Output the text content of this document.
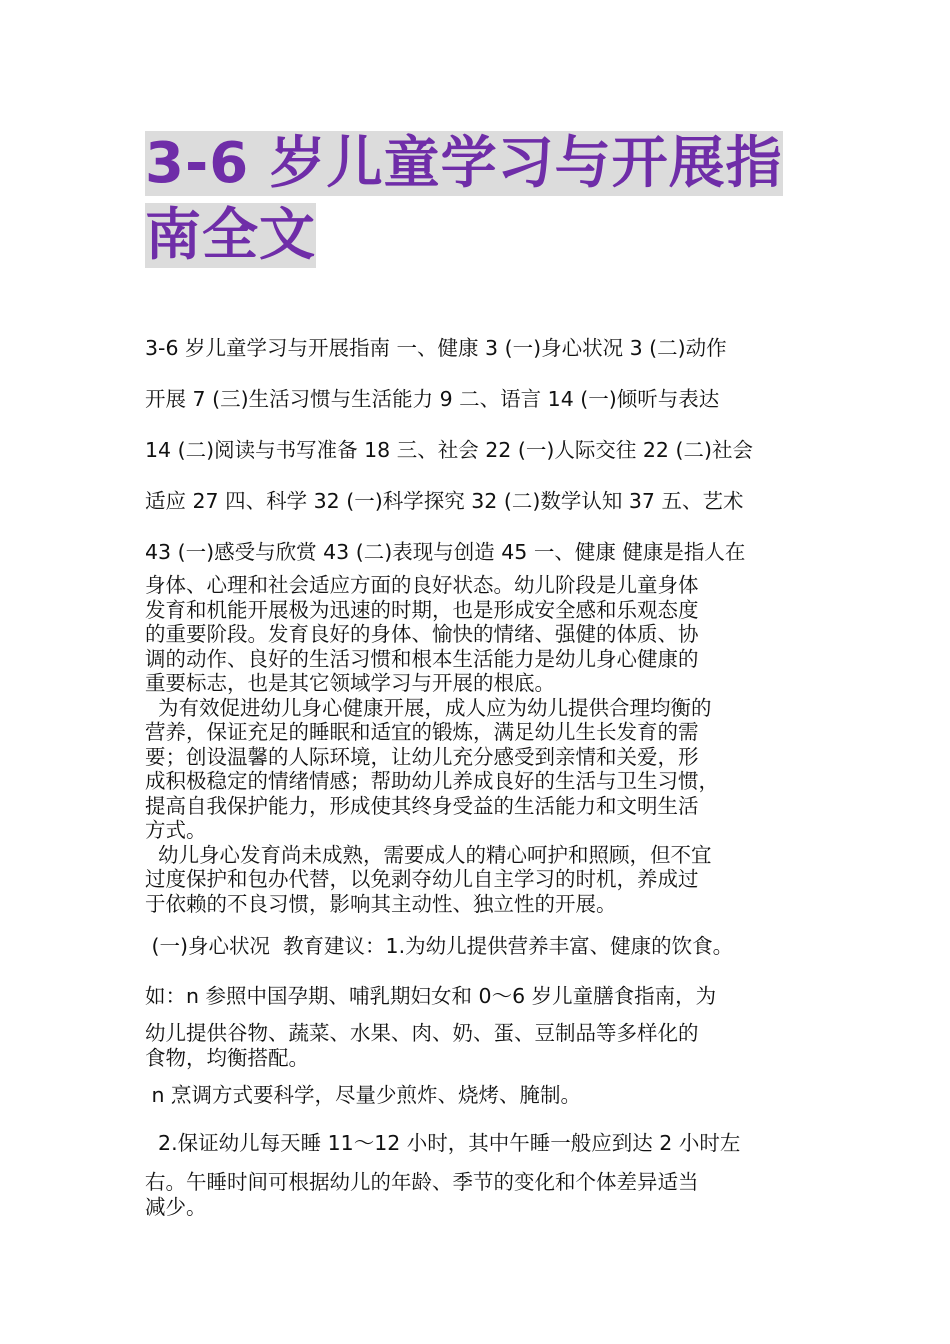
3-6 岁儿童学习与开展指
南全文

3-6 岁儿童学习与开展指南 一、健康 3 (一)身心状况 3 (二)动作

开展 7 (三)生活习惯与生活能力 9 二、语言 14 (一)倾听与表达

14 (二)阅读与书写准备 18 三、社会 22 (一)人际交往 22 (二)社会

适应 27 四、科学 32 (一)科学探究 32 (二)数学认知 37 五、艺术

43 (一)感受与欣赏 43 (二)表现与创造 45 一、健康 健康是指人在

身体、心理和社会适应方面的良好状态。幼儿阶段是儿童身体
发育和机能开展极为迅速的时期，也是形成安全感和乐观态度
的重要阶段。发育良好的身体、愉快的情绪、强健的体质、协
调的动作、良好的生活习惯和根本生活能力是幼儿身心健康的
重要标志，也是其它领域学习与开展的根底。

为有效促进幼儿身心健康开展，成人应为幼儿提供合理均衡的
营养，保证充足的睡眠和适宜的锻炼，满足幼儿生长发育的需
要；创设温馨的人际环境，让幼儿充分感受到亲情和关爱，形
成积极稳定的情绪情感；帮助幼儿养成良好的生活与卫生习惯，
提高自我保护能力，形成使其终身受益的生活能力和文明生活
方式。

幼儿身心发育尚未成熟，需要成人的精心呵护和照顾，但不宜
过度保护和包办代替，以免剥夺幼儿自主学习的时机，养成过
于依赖的不良习惯，影响其主动性、独立性的开展。

(一)身心状况  教育建议：1.为幼儿提供营养丰富、健康的饮食。

如：n 参照中国孕期、哺乳期妇女和 0～6 岁儿童膳食指南，为

幼儿提供谷物、蔬菜、水果、肉、奶、蛋、豆制品等多样化的
食物，均衡搭配。

n 烹调方式要科学，尽量少煎炸、烧烤、腌制。

2.保证幼儿每天睡 11～12 小时，其中午睡一般应到达 2 小时左

右。午睡时间可根据幼儿的年龄、季节的变化和个体差异适当
减少。
